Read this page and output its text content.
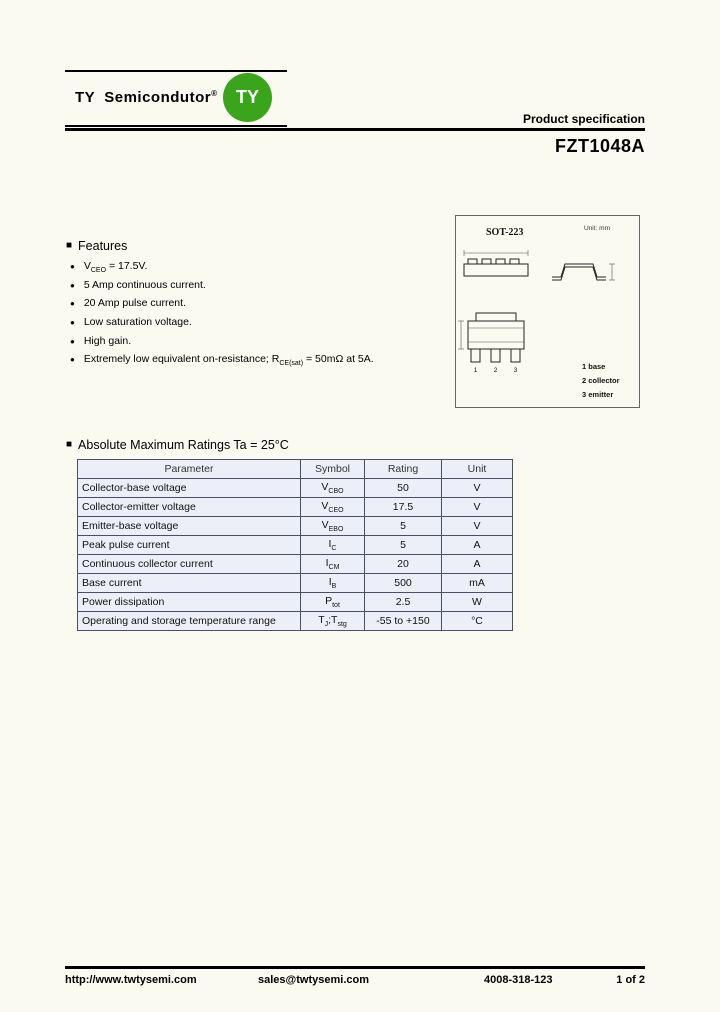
TY  Semicondutor® TY
Product specification
FZT1048A
■ Features
● $V_{CEO} = 17.5V$.
● 5 Amp continuous current.
● 20 Amp pulse current.
● Low saturation voltage.
● High gain.
● Extremely low equivalent on-resistance; $R_{CE(sat)} = 50m\Omega$ at 5A.
SOT-223	Unit: mm
1	2	3	1 base
2 collector
3 emitter
■ Absolute Maximum Ratings Ta = 25°C
Parameter	Symbol	Rating	Unit
Collector-base voltage	$V_{CBO}$	50	V
Collector-emitter voltage	$V_{CEO}$	17.5	V
Emitter-base voltage	$V_{EBO}$	5	V
Peak pulse current	$I_C$	5	A
Continuous collector current	$I_{CM}$	20	A
Base current	$I_B$	500	mA
Power dissipation	$P_{tot}$	2.5	W
Operating and storage temperature range	$T_J;T_{stg}$	-55 to +150	°C
http://www.twtysemi.com	sales@twtysemi.com	4008-318-123	1 of 2
